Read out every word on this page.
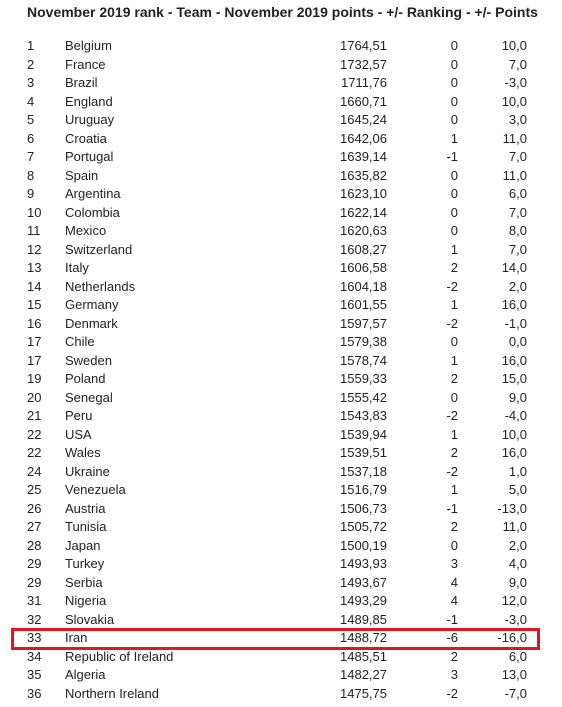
November 2019 rank - Team - November 2019 points - +/- Ranking - +/- Points
1 Belgium	1764,51	0	10,0
2 France	1732,57	0	7,0
3 Brazil	1711,76	0	-3,0
4 England	1660,71	0	10,0
5 Uruguay	1645,24	0	3,0
6 Croatia	1642,06	1	11,0
7 Portugal	1639,14	-1	7,0
8 Spain	1635,82	0	11,0
9 Argentina	1623,10	0	6,0
10 Colombia	1622,14	0	7,0
11 Mexico	1620,63	0	8,0
12 Switzerland	1608,27	1	7,0
13 Italy	1606,58	2	14,0
14 Netherlands	1604,18	-2	2,0
15 Germany	1601,55	1	16,0
16 Denmark	1597,57	-2	-1,0
17 Chile	1579,38	0	0,0
17 Sweden	1578,74	1	16,0
19 Poland	1559,33	2	15,0
20 Senegal	1555,42	0	9,0
21 Peru	1543,83	-2	-4,0
22 USA	1539,94	1	10,0
22 Wales	1539,51	2	16,0
24 Ukraine	1537,18	-2	1,0
25 Venezuela	1516,79	1	5,0
26 Austria	1506,73	-1	-13,0
27 Tunisia	1505,72	2	11,0
28 Japan	1500,19	0	2,0
29 Turkey	1493,93	3	4,0
29 Serbia	1493,67	4	9,0
31 Nigeria	1493,29	4	12,0
32 Slovakia	1489,85	-1	-3,0
33 Iran	1488,72	-6	-16,0
34 Republic of Ireland	1485,51	2	6,0
35 Algeria	1482,27	3	13,0
36 Northern Ireland	1475,75	-2	-7,0
